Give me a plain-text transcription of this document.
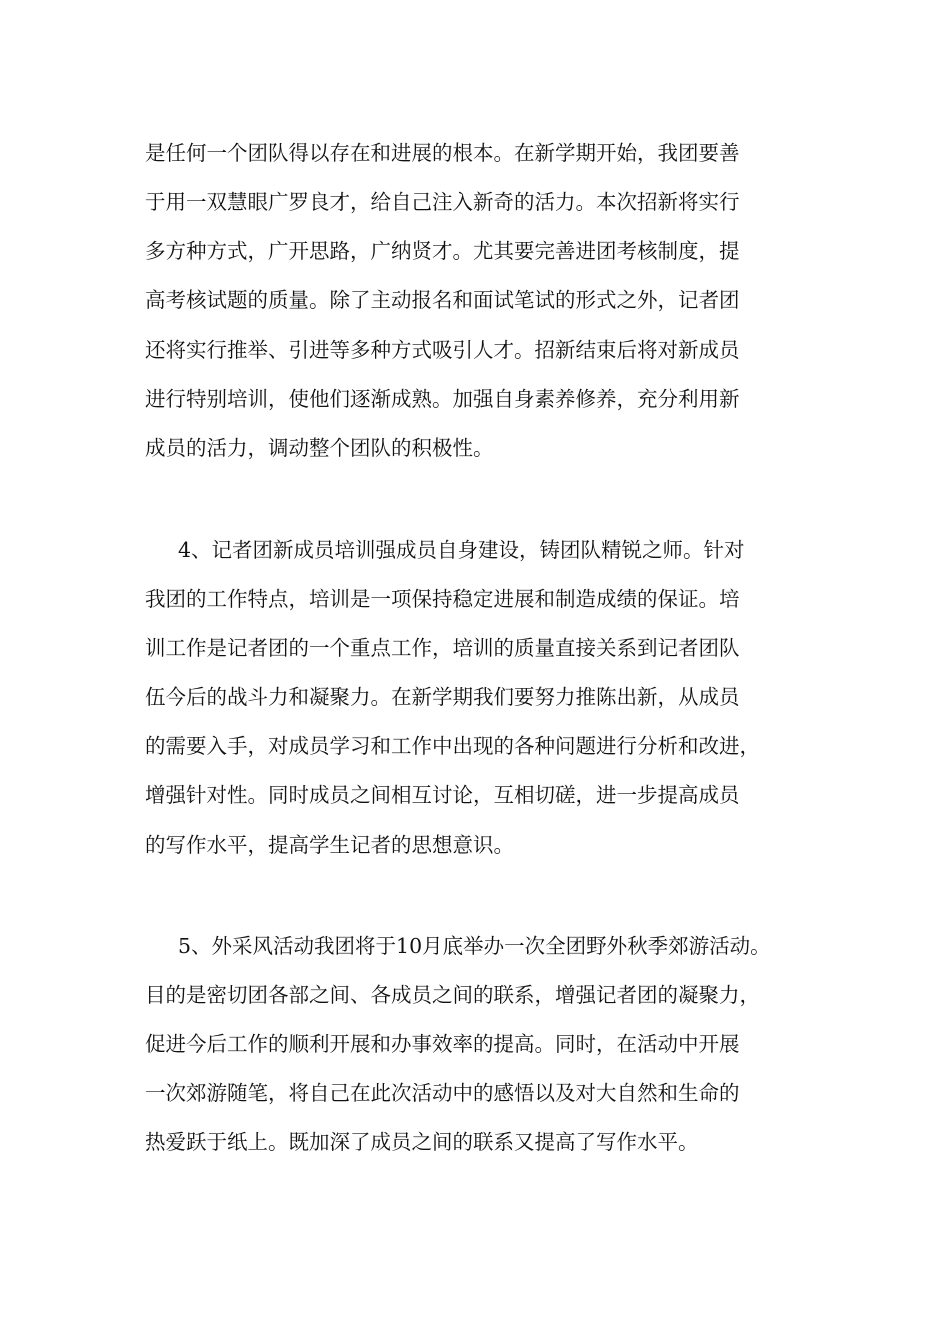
是任何一个团队得以存在和进展的根本。在新学期开始，我团要善

于用一双慧眼广罗良才，给自己注入新奇的活力。本次招新将实行

多方种方式，广开思路，广纳贤才。尤其要完善进团考核制度，提

高考核试题的质量。除了主动报名和面试笔试的形式之外，记者团

还将实行推举、引进等多种方式吸引人才。招新结束后将对新成员

进行特别培训，使他们逐渐成熟。加强自身素养修养，充分利用新

成员的活力，调动整个团队的积极性。

4、记者团新成员培训强成员自身建设，铸团队精锐之师。针对

我团的工作特点，培训是一项保持稳定进展和制造成绩的保证。培

训工作是记者团的一个重点工作，培训的质量直接关系到记者团队

伍今后的战斗力和凝聚力。在新学期我们要努力推陈出新，从成员

的需要入手，对成员学习和工作中出现的各种问题进行分析和改进，

增强针对性。同时成员之间相互讨论，互相切磋，进一步提高成员

的写作水平，提高学生记者的思想意识。

5、外采风活动我团将于10月底举办一次全团野外秋季郊游活动。

目的是密切团各部之间、各成员之间的联系，增强记者团的凝聚力，

促进今后工作的顺利开展和办事效率的提高。同时，在活动中开展

一次郊游随笔，将自己在此次活动中的感悟以及对大自然和生命的

热爱跃于纸上。既加深了成员之间的联系又提高了写作水平。
